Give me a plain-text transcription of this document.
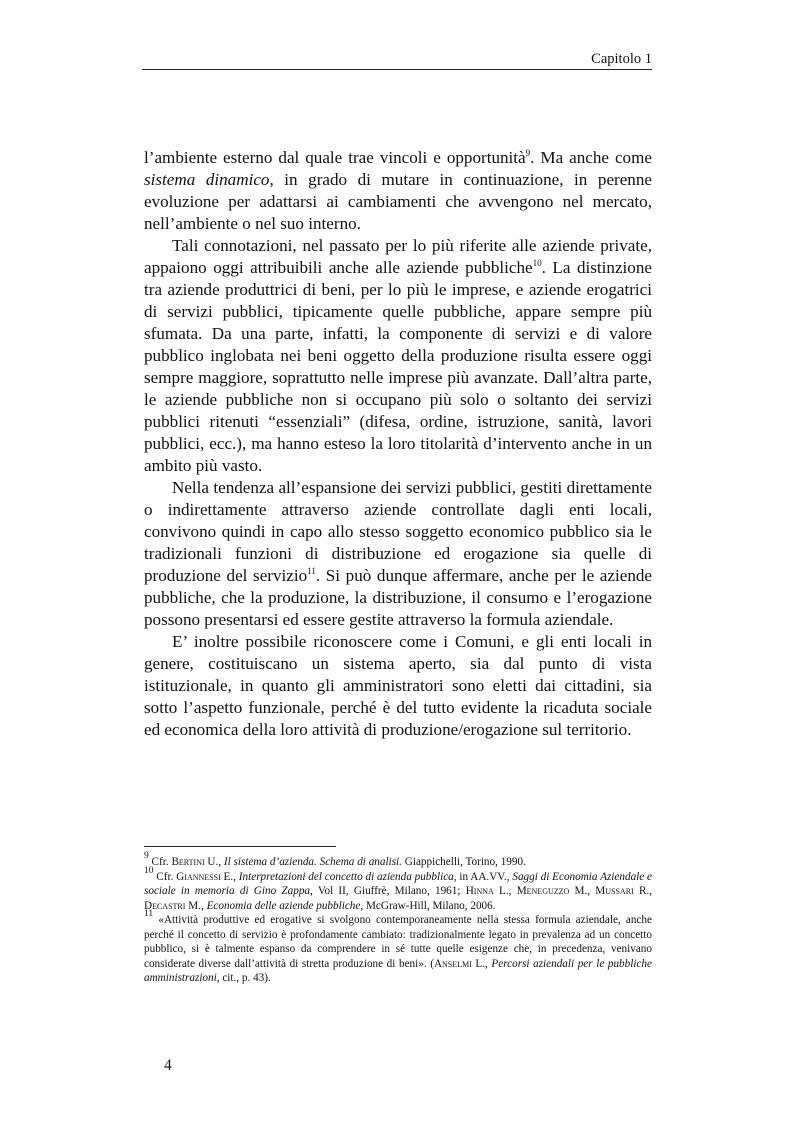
Capitolo 1

l’ambiente esterno dal quale trae vincoli e opportunità$^9$. Ma anche come sistema dinamico, in grado di mutare in continuazione, in perenne evoluzione per adattarsi ai cambiamenti che avvengono nel mercato, nell’ambiente o nel suo interno.

Tali connotazioni, nel passato per lo più riferite alle aziende private, appaiono oggi attribuibili anche alle aziende pubbliche$^{10}$. La distinzione tra aziende produttrici di beni, per lo più le imprese, e aziende erogatrici di servizi pubblici, tipicamente quelle pubbliche, appare sempre più sfumata. Da una parte, infatti, la componente di servizi e di valore pubblico inglobata nei beni oggetto della produzione risulta essere oggi sempre maggiore, soprattutto nelle imprese più avanzate. Dall’altra parte, le aziende pubbliche non si occupano più solo o soltanto dei servizi pubblici ritenuti “essenziali” (difesa, ordine, istruzione, sanità, lavori pubblici, ecc.), ma hanno esteso la loro titolarità d’intervento anche in un ambito più vasto.

Nella tendenza all’espansione dei servizi pubblici, gestiti direttamente o indirettamente attraverso aziende controllate dagli enti locali, convivono quindi in capo allo stesso soggetto economico pubblico sia le tradizionali funzioni di distribuzione ed erogazione sia quelle di produzione del servizio$^{11}$. Si può dunque affermare, anche per le aziende pubbliche, che la produzione, la distribuzione, il consumo e l’erogazione possono presentarsi ed essere gestite attraverso la formula aziendale.

E’ inoltre possibile riconoscere come i Comuni, e gli enti locali in genere, costituiscano un sistema aperto, sia dal punto di vista istituzionale, in quanto gli amministratori sono eletti dai cittadini, sia sotto l’aspetto funzionale, perché è del tutto evidente la ricaduta sociale ed economica della loro attività di produzione/erogazione sul territorio.

$^9$ Cfr. Bertini U., Il sistema d’azienda. Schema di analisi. Giappichelli, Torino, 1990.

$^{10}$ Cfr. Giannessi E., Interpretazioni del concetto di azienda pubblica, in AA.VV., Saggi di Economia Aziendale e sociale in memoria di Gino Zappa, Vol II, Giuffrè, Milano, 1961; Hinna L., Meneguzzo M., Mussari R., Decastri M., Economia delle aziende pubbliche, McGraw-Hill, Milano, 2006.

$^{11}$ «Attività produttive ed erogative si svolgono contemporaneamente nella stessa formula aziendale, anche perché il concetto di servizio è profondamente cambiato: tradizionalmente legato in prevalenza ad un concetto pubblico, si è talmente espanso da comprendere in sé tutte quelle esigenze che, in precedenza, venivano considerate diverse dall’attività di stretta produzione di beni». (Anselmi L., Percorsi aziendali per le pubbliche amministrazioni, cit., p. 43).

4
